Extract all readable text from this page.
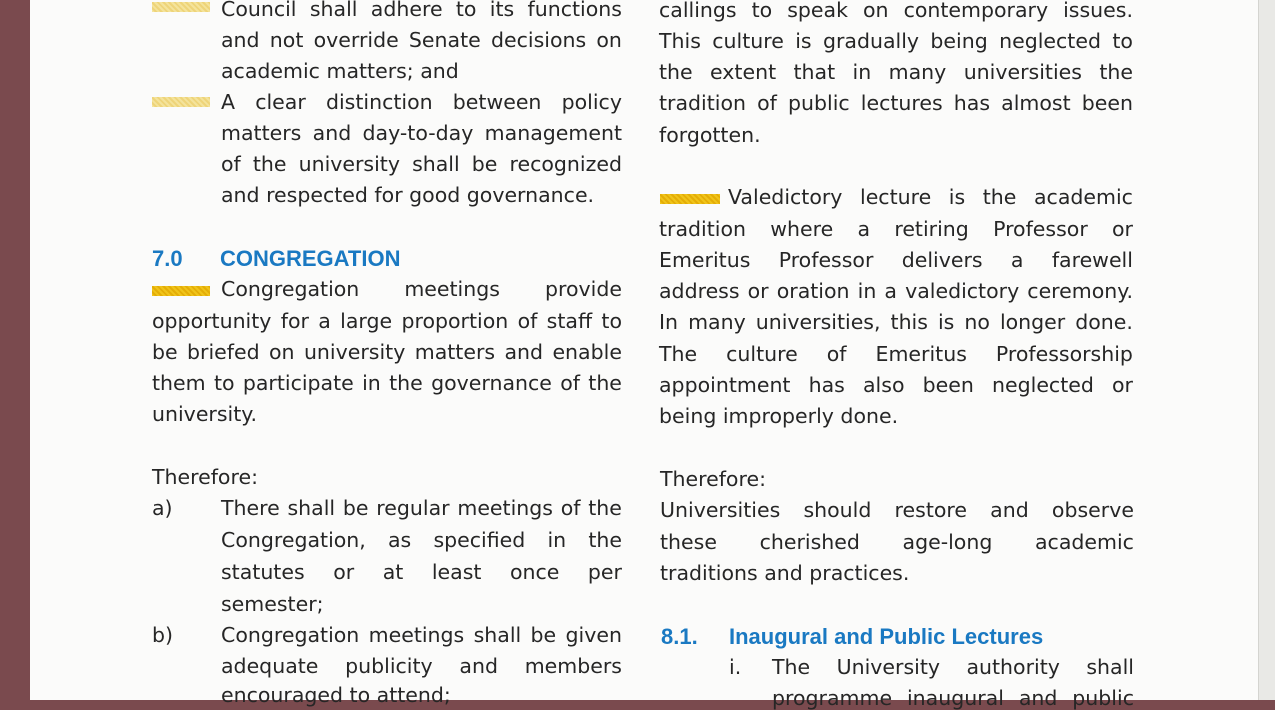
Council shall adhere to its functions
and not override Senate decisions on
academic matters; and
A clear distinction between policy
matters and day-to-day management
of the university shall be recognized
and respected for good governance.
7.0 CONGREGATION
Congregation meetings provide
opportunity for a large proportion of staff to
be briefed on university matters and enable
them to participate in the governance of the
university.
Therefore:
a) There shall be regular meetings of the
Congregation, as specified in the
statutes or at least once per
semester;
b) Congregation meetings shall be given
adequate publicity and members
encouraged to attend;
callings to speak on contemporary issues.
This culture is gradually being neglected to
the extent that in many universities the
tradition of public lectures has almost been
forgotten.
Valedictory lecture is the academic
tradition where a retiring Professor or
Emeritus Professor delivers a farewell
address or oration in a valedictory ceremony.
In many universities, this is no longer done.
The culture of Emeritus Professorship
appointment has also been neglected or
being improperly done.
Therefore:
Universities should restore and observe
these cherished age-long academic
traditions and practices.
8.1. Inaugural and Public Lectures
i. The University authority shall
programme inaugural and public
